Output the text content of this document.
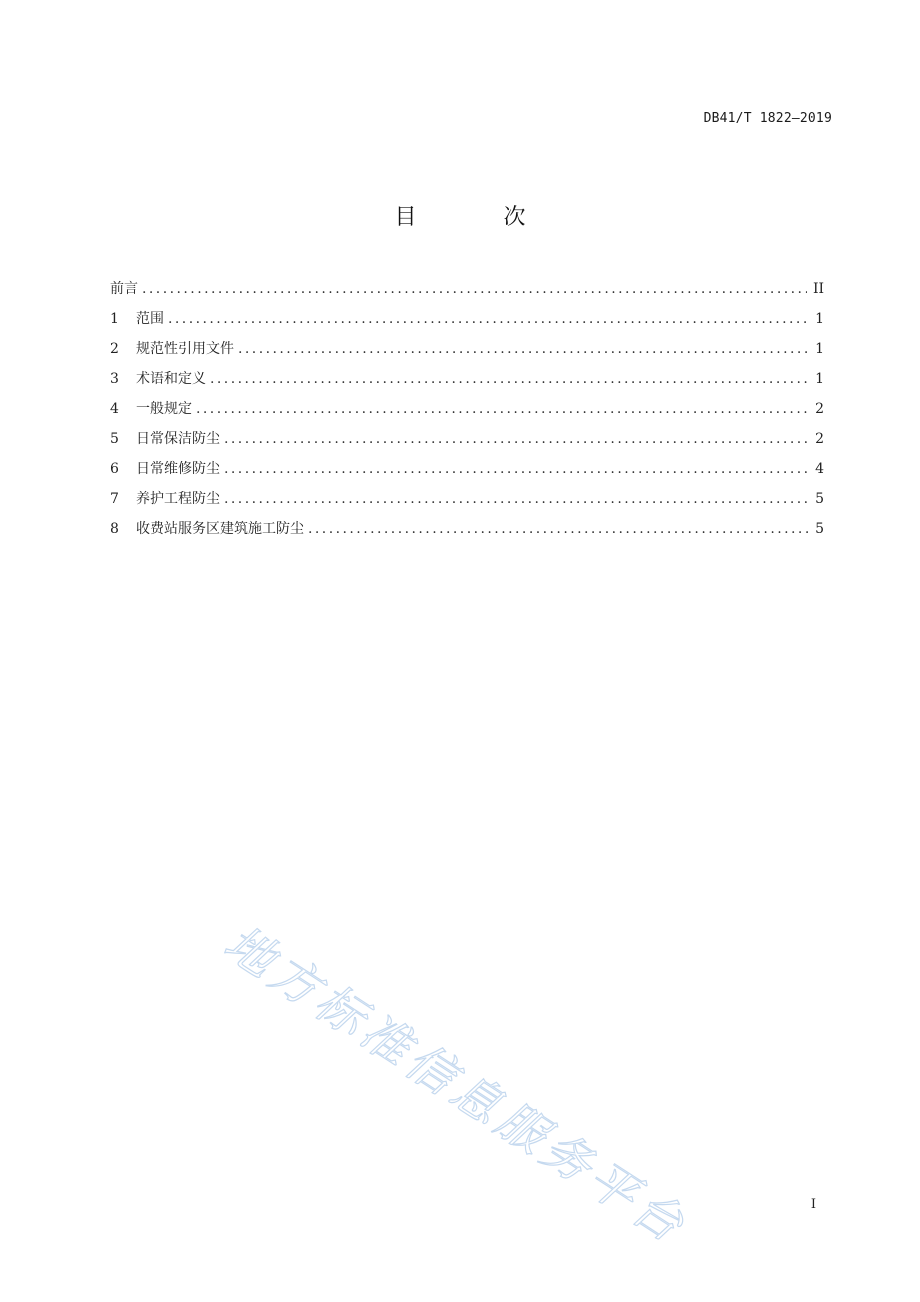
DB41/T 1822—2019
目 次
前言 . . .	II
1	范围 . . .	1
2	规范性引用文件 . . .	1
3	术语和定义 . . .	1
4	一般规定 . . .	2
5	日常保洁防尘 . . .	2
6	日常维修防尘 . . .	4
7	养护工程防尘 . . .	5
8	收费站服务区建筑施工防尘 . . .	5
地方标准信息服务平台	I
